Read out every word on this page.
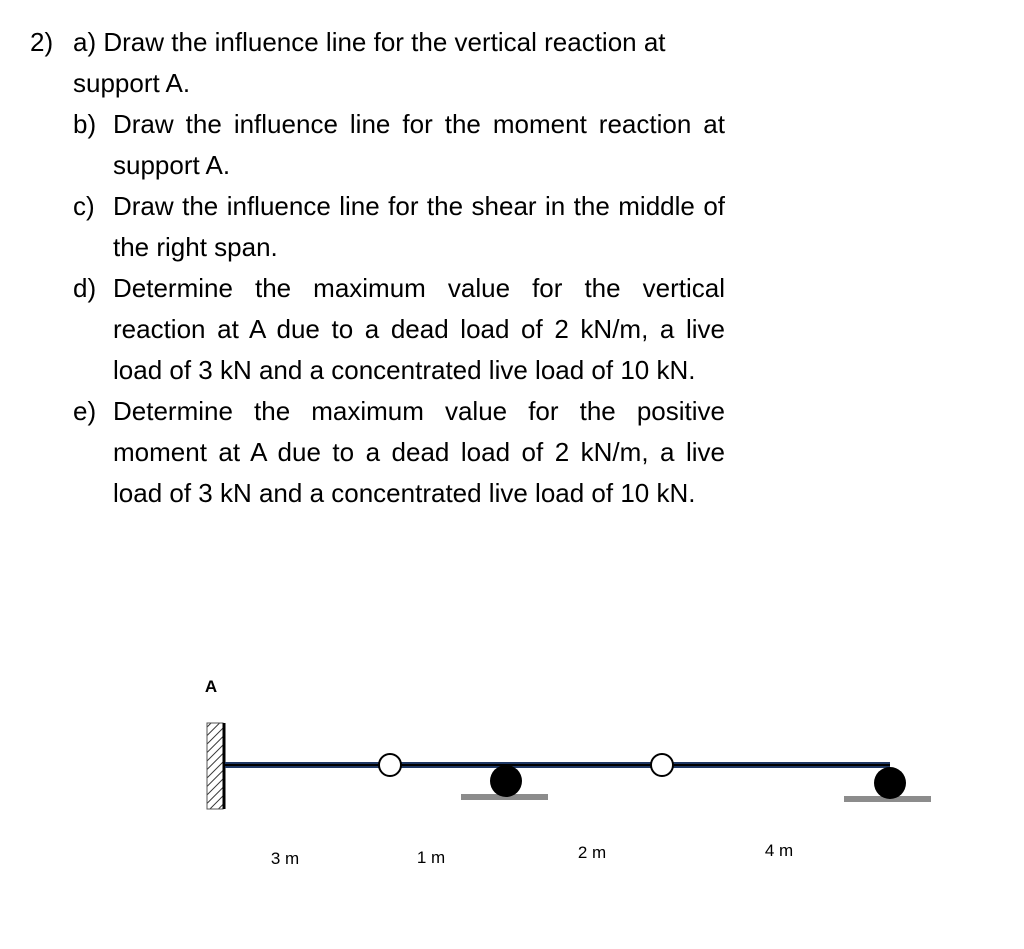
2) a) Draw the influence line for the vertical reaction at support A.
b) Draw the influence line for the moment reaction at support A.
c) Draw the influence line for the shear in the middle of the right span.
d) Determine the maximum value for the vertical reaction at A due to a dead load of 2 kN/m, a live load of 3 kN and a concentrated live load of 10 kN.
e) Determine the maximum value for the positive moment at A due to a dead load of 2 kN/m, a live load of 3 kN and a concentrated live load of 10 kN.
A
3 m	1 m	2 m	4 m
